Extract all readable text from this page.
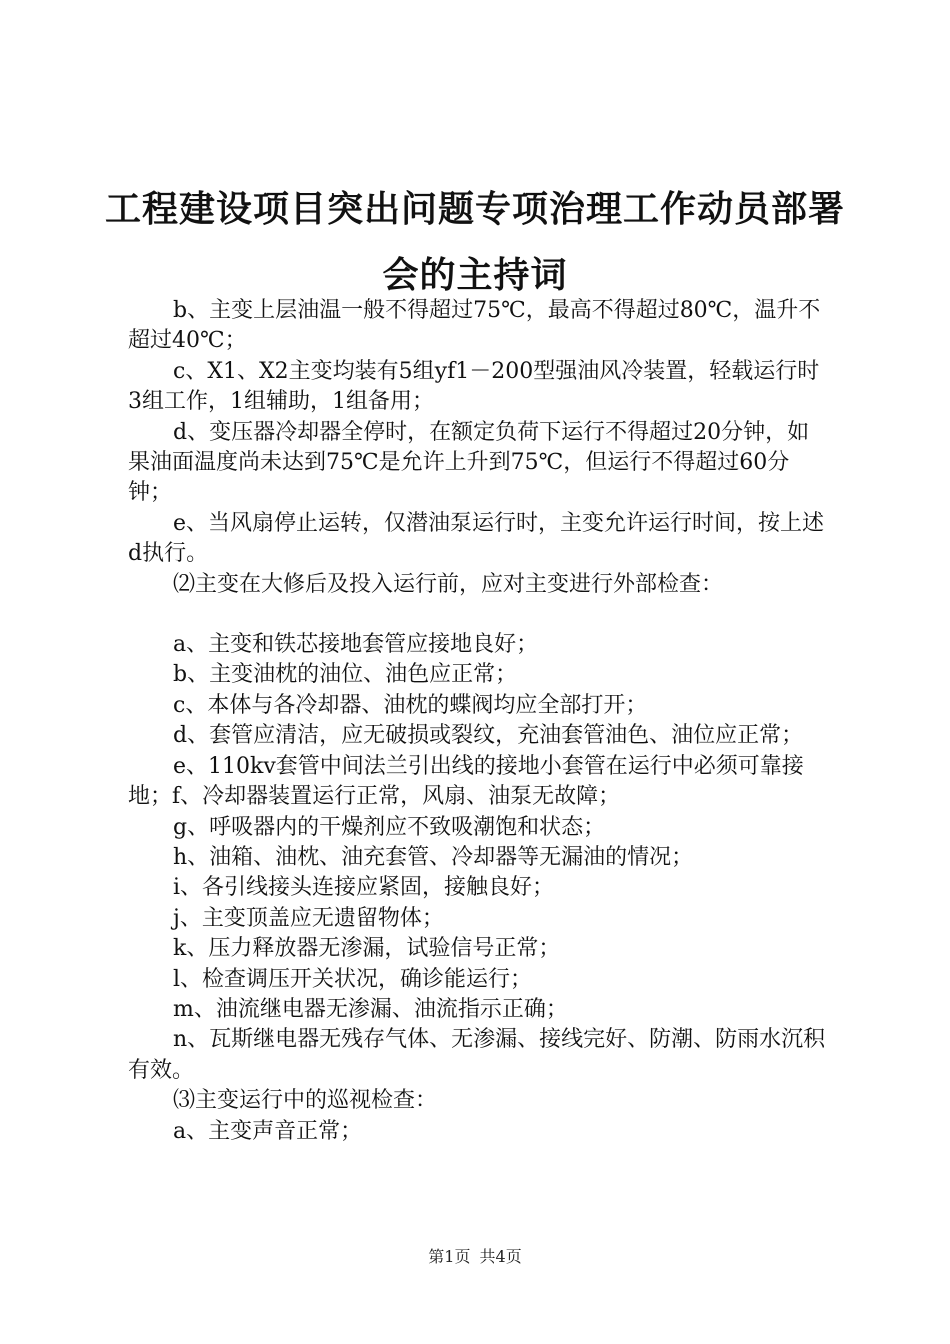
工程建设项目突出问题专项治理工作动员部署
会的主持词

b、主变上层油温一般不得超过75℃，最高不得超过80℃，温升不超过40℃；

c、X1、X2主变均装有5组yf1－200型强油风冷装置，轻载运行时3组工作，1组辅助，1组备用；

d、变压器冷却器全停时，在额定负荷下运行不得超过20分钟，如果油面温度尚未达到75℃是允许上升到75℃，但运行不得超过60分钟；

e、当风扇停止运转，仅潜油泵运行时，主变允许运行时间，按上述d执行。

⑵主变在大修后及投入运行前，应对主变进行外部检查：

a、主变和铁芯接地套管应接地良好；

b、主变油枕的油位、油色应正常；

c、本体与各冷却器、油枕的蝶阀均应全部打开；

d、套管应清洁，应无破损或裂纹，充油套管油色、油位应正常；

e、110kv套管中间法兰引出线的接地小套管在运行中必须可靠接地；f、冷却器装置运行正常，风扇、油泵无故障；

g、呼吸器内的干燥剂应不致吸潮饱和状态；

h、油箱、油枕、油充套管、冷却器等无漏油的情况；

i、各引线接头连接应紧固，接触良好；

j、主变顶盖应无遗留物体；

k、压力释放器无渗漏，试验信号正常；

l、检查调压开关状况，确诊能运行；

m、油流继电器无渗漏、油流指示正确；

n、瓦斯继电器无残存气体、无渗漏、接线完好、防潮、防雨水沉积有效。

⑶主变运行中的巡视检查：

a、主变声音正常；

第1页 共4页
